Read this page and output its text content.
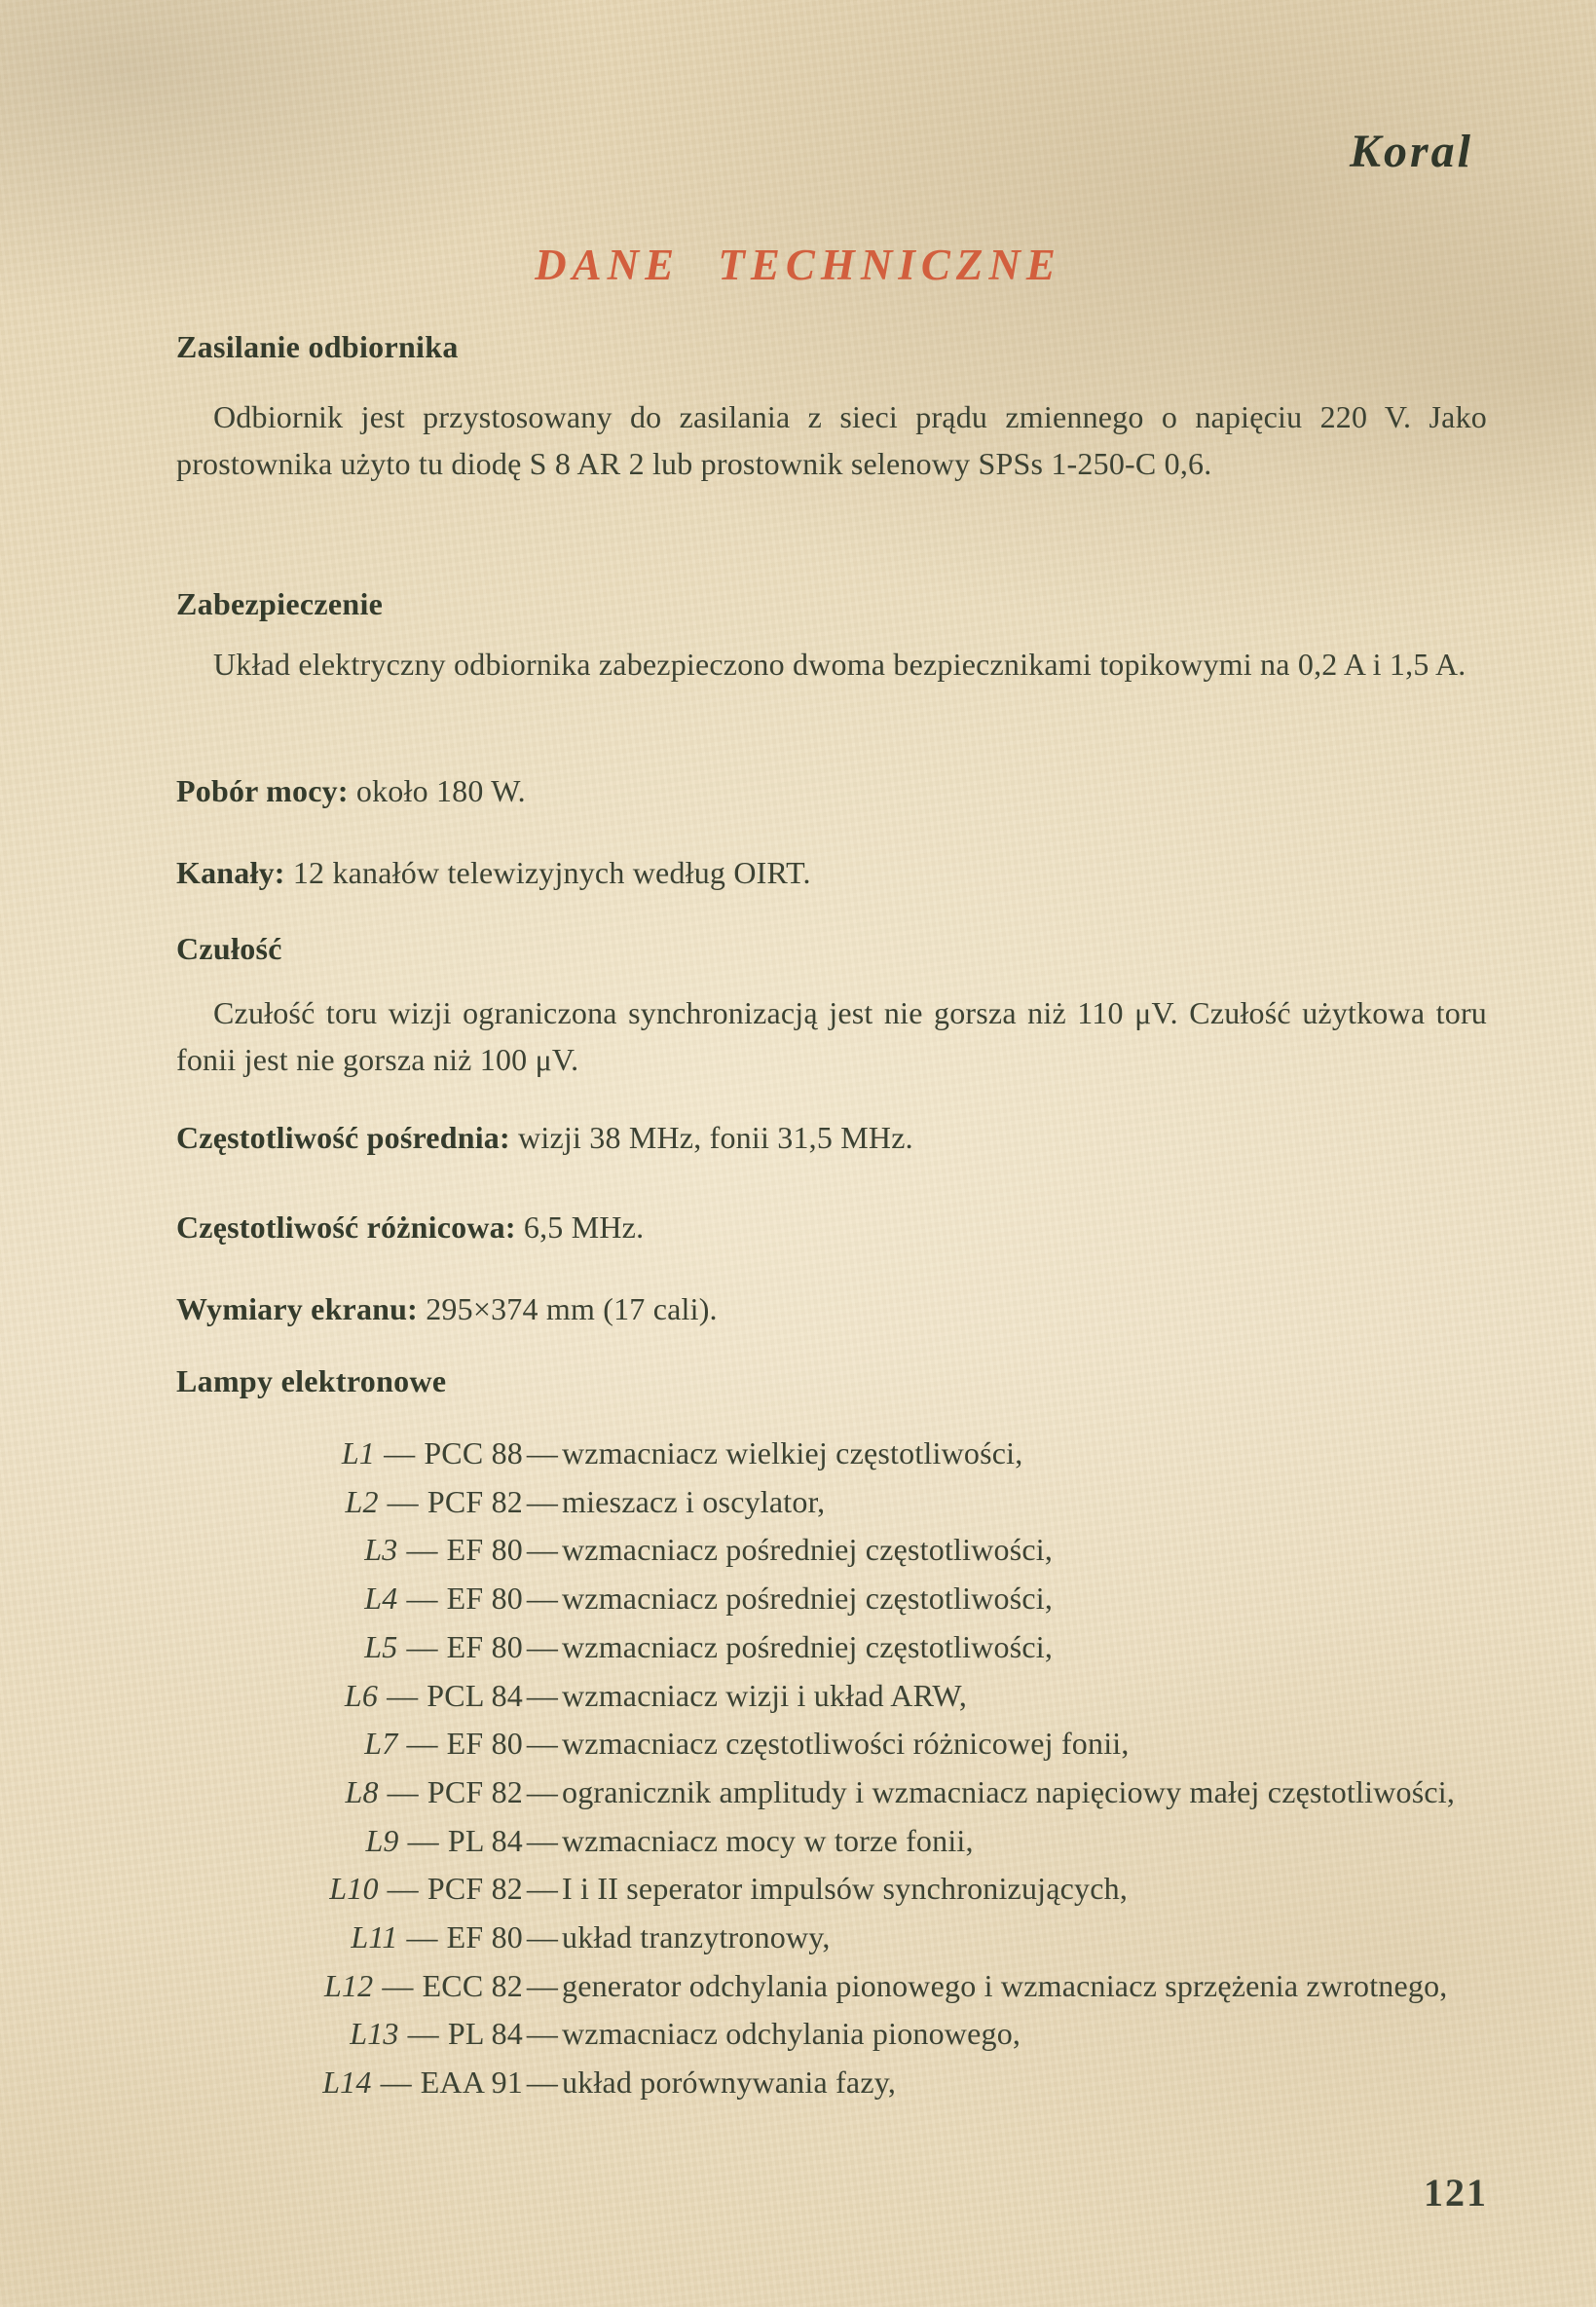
Koral
DANE TECHNICZNE
Zasilanie odbiornika

Odbiornik jest przystosowany do zasilania z sieci prądu zmiennego o napięciu 220 V. Jako prostownika użyto tu diodę S 8 AR 2 lub prostownik selenowy SPSs 1-250-C 0,6.

Zabezpieczenie

Układ elektryczny odbiornika zabezpieczono dwoma bezpiecznikami topikowymi na 0,2 A i 1,5 A.

Pobór mocy: około 180 W.

Kanały: 12 kanałów telewizyjnych według OIRT.

Czułość

Czułość toru wizji ograniczona synchronizacją jest nie gorsza niż 110 μV. Czułość użytkowa toru fonii jest nie gorsza niż 100 μV.

Częstotliwość pośrednia: wizji 38 MHz, fonii 31,5 MHz.

Częstotliwość różnicowa: 6,5 MHz.

Wymiary ekranu: 295×374 mm (17 cali).

Lampy elektronowe
L1 — PCC 88 — wzmacniacz wielkiej częstotliwości,
L2 — PCF 82 — mieszacz i oscylator,
L3 — EF 80 — wzmacniacz pośredniej częstotliwości,
L4 — EF 80 — wzmacniacz pośredniej częstotliwości,
L5 — EF 80 — wzmacniacz pośredniej częstotliwości,
L6 — PCL 84 — wzmacniacz wizji i układ ARW,
L7 — EF 80 — wzmacniacz częstotliwości różnicowej fonii,
L8 — PCF 82 — ogranicznik amplitudy i wzmacniacz napięciowy małej częstotliwości,
L9 — PL 84 — wzmacniacz mocy w torze fonii,
L10 — PCF 82 — I i II seperator impulsów synchronizujących,
L11 — EF 80 — układ tranzytronowy,
L12 — ECC 82 — generator odchylania pionowego i wzmacniacz sprzężenia zwrotnego,
L13 — PL 84 — wzmacniacz odchylania pionowego,
L14 — EAA 91 — układ porównywania fazy,
121
